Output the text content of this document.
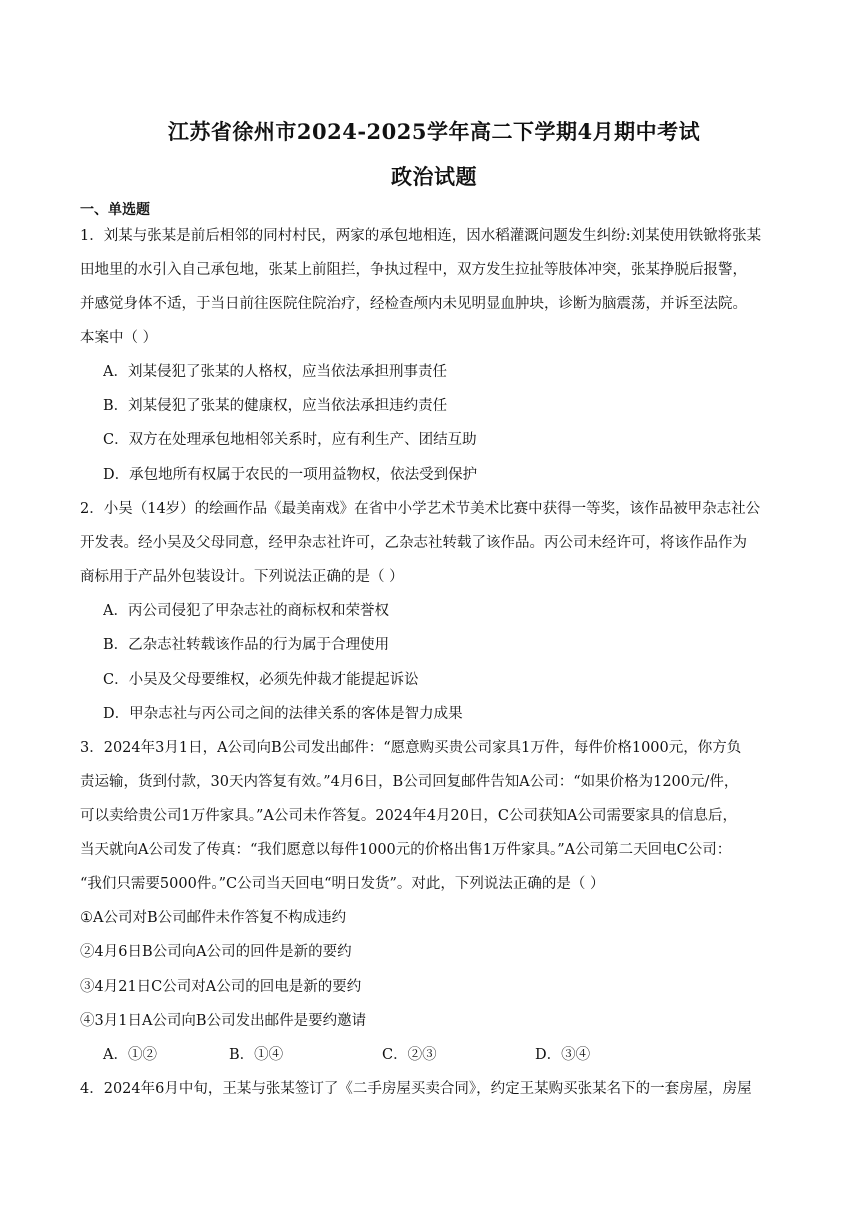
江苏省徐州市2024-2025学年高二下学期4月期中考试
政治试题
一、单选题
1．刘某与张某是前后相邻的同村村民，两家的承包地相连，因水稻灌溉问题发生纠纷:刘某使用铁锨将张某
田地里的水引入自己承包地，张某上前阻拦，争执过程中，双方发生拉扯等肢体冲突，张某挣脱后报警，
并感觉身体不适，于当日前往医院住院治疗，经检查颅内未见明显血肿块，诊断为脑震荡，并诉至法院。
本案中（ ）
A．刘某侵犯了张某的人格权，应当依法承担刑事责任
B．刘某侵犯了张某的健康权，应当依法承担违约责任
C．双方在处理承包地相邻关系时，应有利生产、团结互助
D．承包地所有权属于农民的一项用益物权，依法受到保护
2．小吴（14岁）的绘画作品《最美南戏》在省中小学艺术节美术比赛中获得一等奖，该作品被甲杂志社公
开发表。经小吴及父母同意，经甲杂志社许可，乙杂志社转载了该作品。丙公司未经许可，将该作品作为
商标用于产品外包装设计。下列说法正确的是（ ）
A．丙公司侵犯了甲杂志社的商标权和荣誉权
B．乙杂志社转载该作品的行为属于合理使用
C．小吴及父母要维权，必须先仲裁才能提起诉讼
D．甲杂志社与丙公司之间的法律关系的客体是智力成果
3．2024年3月1日，A公司向B公司发出邮件：“愿意购买贵公司家具1万件，每件价格1000元，你方负
责运输，货到付款，30天内答复有效。”4月6日，B公司回复邮件告知A公司：“如果价格为1200元/件，
可以卖给贵公司1万件家具。”A公司未作答复。2024年4月20日，C公司获知A公司需要家具的信息后，
当天就向A公司发了传真：“我们愿意以每件1000元的价格出售1万件家具。”A公司第二天回电C公司：
“我们只需要5000件。”C公司当天回电“明日发货”。对此，下列说法正确的是（ ）
①A公司对B公司邮件未作答复不构成违约
②4月6日B公司向A公司的回件是新的要约
③4月21日C公司对A公司的回电是新的要约
④3月1日A公司向B公司发出邮件是要约邀请
A．①②	B．①④	C．②③	D．③④
4．2024年6月中旬，王某与张某签订了《二手房屋买卖合同》，约定王某购买张某名下的一套房屋，房屋
